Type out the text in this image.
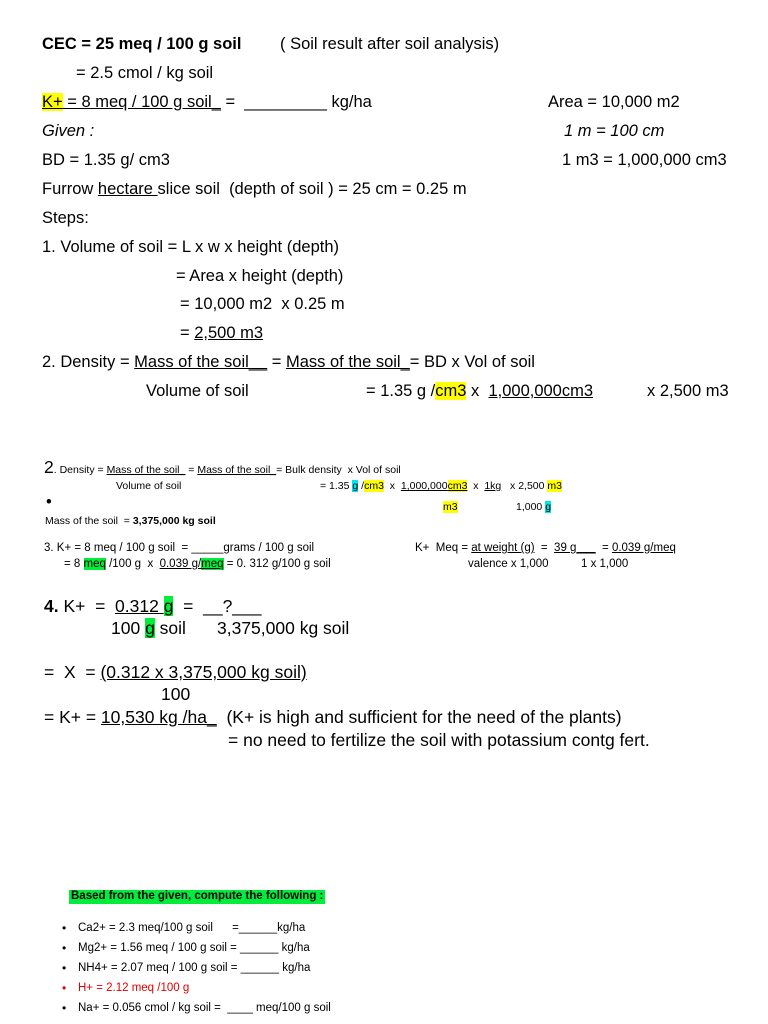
CEC = 25 meq / 100 g soil ( Soil result after soil analysis)
= 2.5 cmol / kg soil
K+ = 8 meq / 100 g soil_ =  _________ kg/ha	Area = 10,000 m2
Given :	1 m = 100 cm
BD = 1.35 g/ cm3	1 m3 = 1,000,000 cm3
Furrow hectare slice soil  (depth of soil ) = 25 cm = 0.25 m
Steps:
1. Volume of soil = L x w x height (depth)
= Area x height (depth)
= 10,000 m2  x 0.25 m
= 2,500 m3
2. Density = Mass of the soil__ = Mass of the soil_= BD x Vol of soil
Volume of soil	= 1.35 g /cm3 x  1,000,000cm3	x 2,500 m3
2. Density = Mass of the soil_ = Mass of the soil_= Bulk density  x Vol of soil
Volume of soil	= 1.35 g /cm3  x  1,000,000cm3  x  1kg   x 2,500 m3
•	m3	1,000 g
Mass of the soil  = 3,375,000 kg soil
3. K+ = 8 meq / 100 g soil  = _____grams / 100 g soil	K+  Meq = at weight (g)  =  39 g___  = 0.039 g/meq
= 8 meq /100 g  x  0.039 g/meq = 0. 312 g/100 g soil	valence x 1,000	1 x 1,000
4. K+  =  0.312 g  =  __?___
100 g soil 3,375,000 kg soil
=  X  = (0.312 x 3,375,000 kg soil)
100
= K+ = 10,530 kg /ha_  (K+ is high and sufficient for the need of the plants)
= no need to fertilize the soil with potassium contg fert.
Based from the given, compute the following :
• Ca2+ = 2.3 meq/100 g soil      =______kg/ha
• Mg2+ = 1.56 meq / 100 g soil = ______ kg/ha
• NH4+ = 2.07 meq / 100 g soil = ______ kg/ha
• H+ = 2.12 meq /100 g
• Na+ = 0.056 cmol / kg soil =  ____ meq/100 g soil
